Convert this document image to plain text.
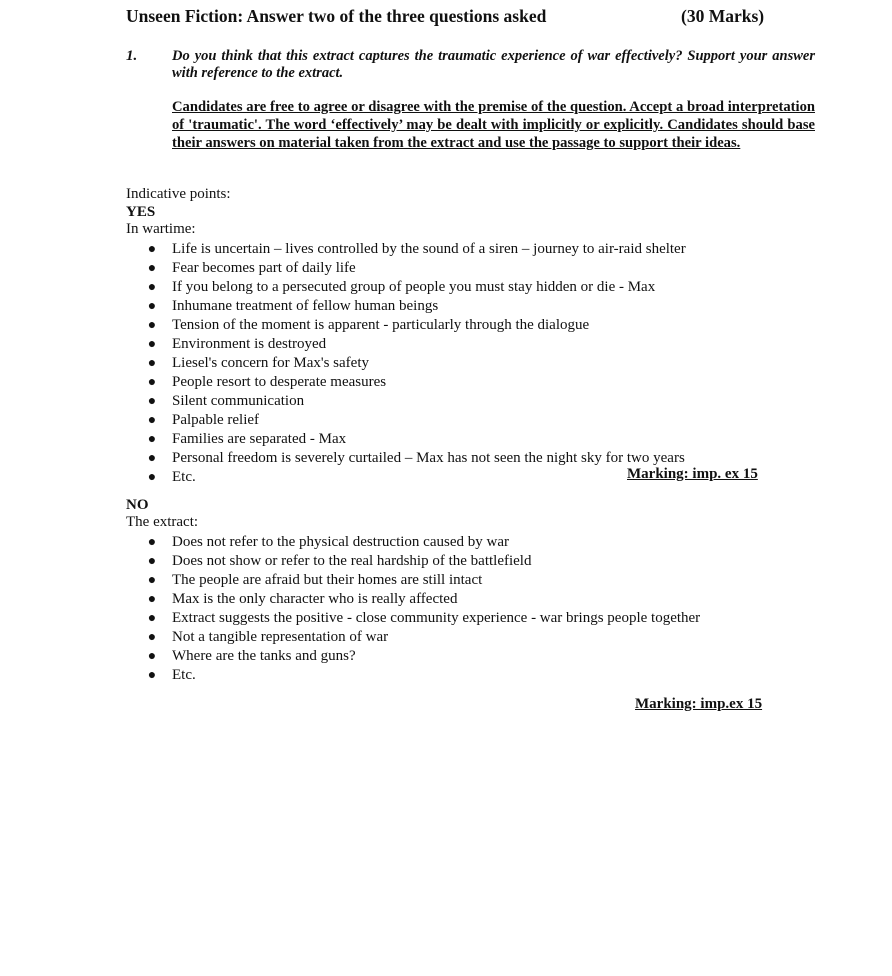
Unseen Fiction: Answer two of the three questions asked	(30 Marks)
1. Do you think that this extract captures the traumatic experience of war effectively? Support your answer with reference to the extract.
Candidates are free to agree or disagree with the premise of the question. Accept a broad interpretation of 'traumatic'. The word ‘effectively’ may be dealt with implicitly or explicitly. Candidates should base their answers on material taken from the extract and use the passage to support their ideas.
Indicative points:
YES
In wartime:
● Life is uncertain – lives controlled by the sound of a siren – journey to air-raid shelter
● Fear becomes part of daily life
● If you belong to a persecuted group of people you must stay hidden or die - Max
● Inhumane treatment of fellow human beings
● Tension of the moment is apparent - particularly through the dialogue
● Environment is destroyed
● Liesel's concern for Max's safety
● People resort to desperate measures
● Silent communication
● Palpable relief
● Families are separated - Max
● Personal freedom is severely curtailed – Max has not seen the night sky for two years
● Etc.	Marking: imp. ex 15
NO
The extract:
● Does not refer to the physical destruction caused by war
● Does not show or refer to the real hardship of the battlefield
● The people are afraid but their homes are still intact
● Max is the only character who is really affected
● Extract suggests the positive - close community experience - war brings people together
● Not a tangible representation of war
● Where are the tanks and guns?
● Etc.
Marking: imp.ex 15
